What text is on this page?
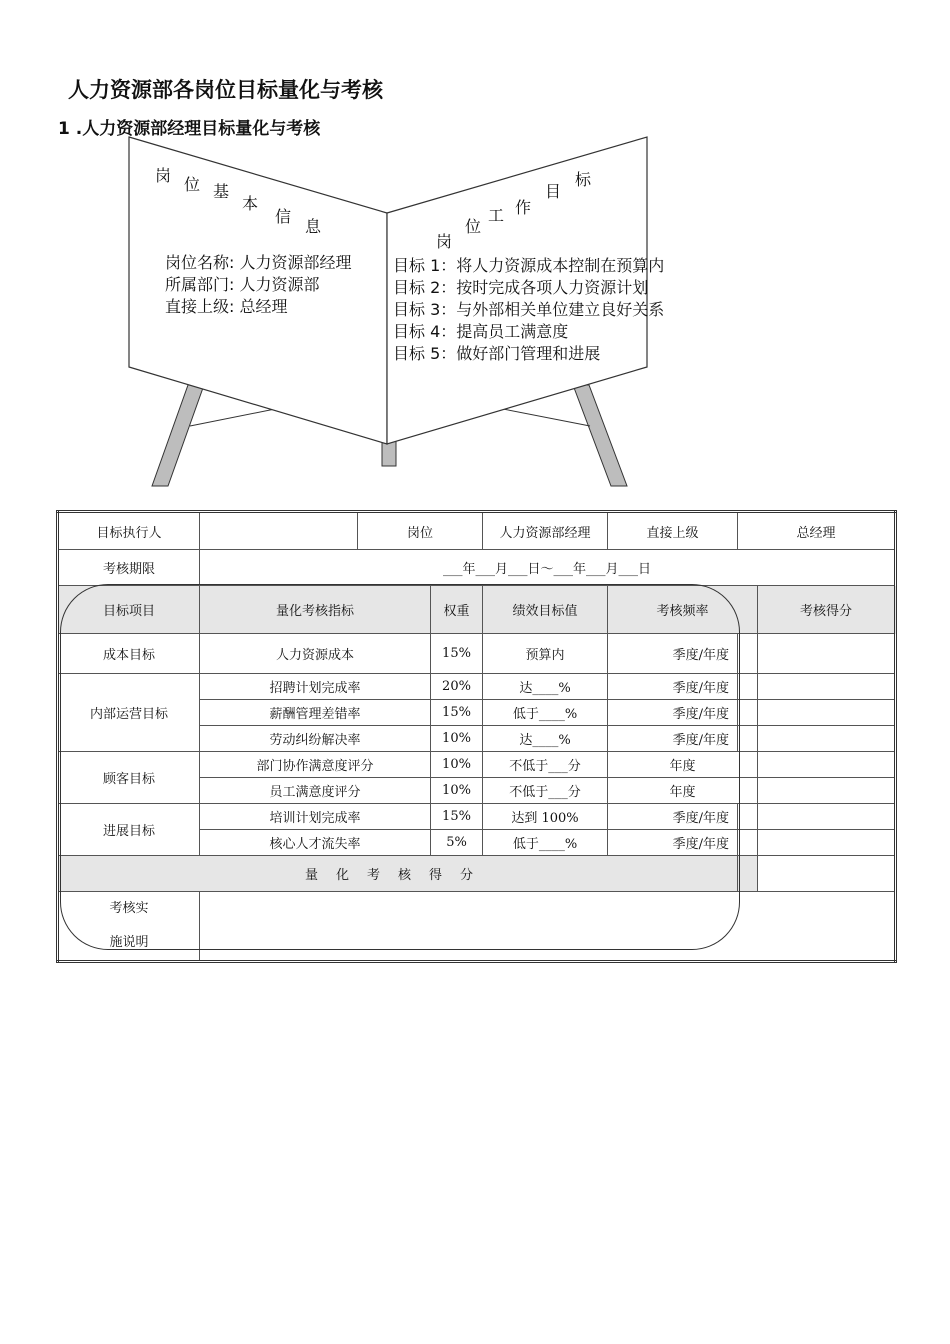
人力资源部各岗位目标量化与考核
1 .人力资源部经理目标量化与考核
岗 位 基
本
信
息
岗
位
工 作
目
标
岗位名称: 人力资源部经理
所属部门: 人力资源部
直接上级: 总经理
目标 1：将人力资源成本控制在预算内
目标 2：按时完成各项人力资源计划
目标 3：与外部相关单位建立良好关系
目标 4：提高员工满意度
目标 5：做好部门管理和进展
目标执行人		岗位		人力资源部经理	直接上级	总经理	
考核期限	___年___月___日～___年___月___日						
目标项目	量化考核指标		权重	绩效目标值	考核频率		考核得分
成本目标	人力资源成本		15%	预算内	季度/年度		
内部运营目标	招聘计划完成率		20%	达____%	季度/年度		
	薪酬管理差错率		15%	低于____%	季度/年度		
	劳动纠纷解决率		10%	达____%	季度/年度		
顾客目标	部门协作满意度评分		10%	不低于___分	年度		
	员工满意度评分		10%	不低于___分	年度		
进展目标	培训计划完成率		15%	达到 100%	季度/年度		
	核心人才流失率		5%	低于____%	季度/年度		
量化考核得分							

考核实
施说明							
